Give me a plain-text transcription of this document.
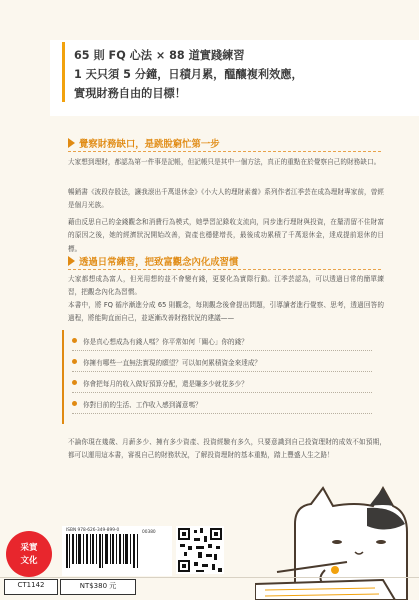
65 則 FQ 心法 × 88 道實踐練習
1 天只須 5 分鐘，日積月累，醞釀複利效應，
實現財務自由的目標！
覺察財務缺口，是跳脫窮忙第一步

大家想到理財，都認為第一件事是記帳，但記帳只是其中一個方法，真正的重點在於覺察自己的財務缺口。

暢銷書《波段存股法，讓我滾出千萬退休金》《小大人的理財素養》系列作者江季芸在成為理財專家前，曾經是個月光族。

藉由反思自己的金錢觀念和消費行為模式，她學習記錄收支流向，同步進行理財與投資，在釐清留不住財富的原因之後，她的經濟狀況開始改善，資產也穩健增長，最後成功累積了千萬退休金，達成提前退休的目標。

透過日常練習，把致富觀念內化成習慣

大家都想成為富人，但光用想的並不會變有錢，更要化為實際行動。江季芸認為，可以透過日常的簡單練習，把觀念內化為習慣。

本書中，將 FQ 循序漸進分成 65 則觀念，每則觀念後會提出問題，引導讀者進行覺察、思考，透過回答的過程，將能夠直面自己，並逐漸改善財務狀況的建議——

你是真心想成為有錢人嗎？你平常如何「關心」你的錢？
你擁有哪些一直無法實現的願望？可以如何累積資金來達成？
你會把每月的收入做好預算分配，還是賺多少就花多少？
你對目前的生活、工作收入感到滿意嗎？

不論你現在幾歲、月薪多少、擁有多少資產、投資經驗有多久，只要意識到自己投資理財的成效不如預期，都可以運用這本書，審視自己的財務狀況，了解投資理財的基本重點，踏上豐盛人生之路！

采實
文化
ISBN 978-626-349-899-0	00380
CT1142	NT$380 元
